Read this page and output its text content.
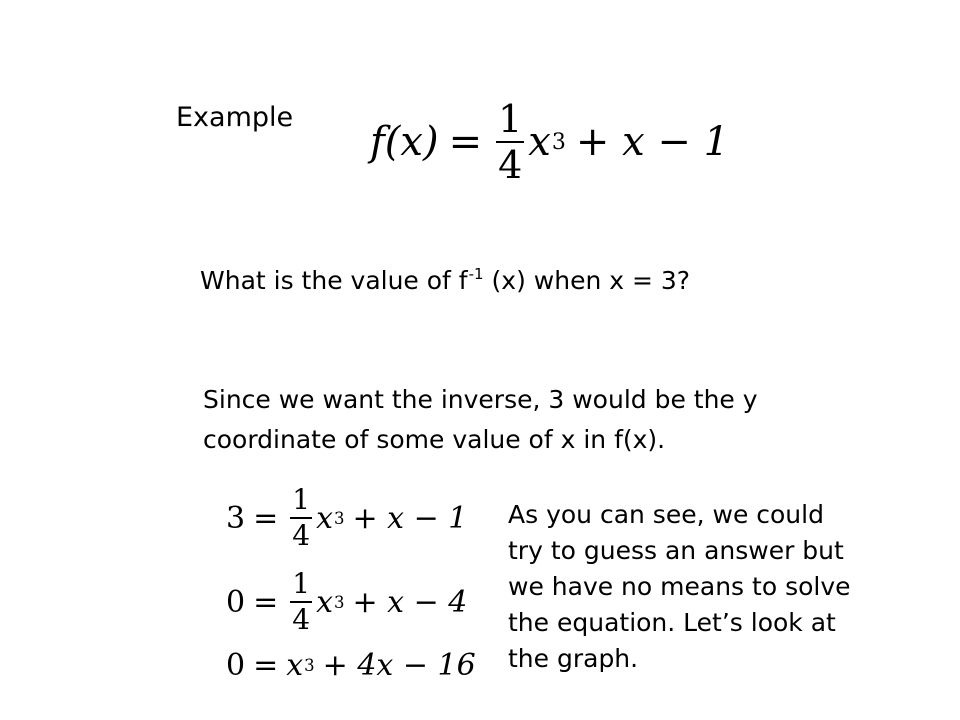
Example
$f(x) = \frac{1}{4}$ x 3 + x − 1
What is the value of $f^{-1}$ (x) when x = 3?
Since we want the inverse, 3 would be the y
coordinate of some value of x in f(x).
$3 = \frac{1}{4}$ x 3 + x − 1
$0 = \frac{1}{4}$ x 3 + x − 4
0 = x 3 + 4x − 16
As you can see, we could
try to guess an answer but
we have no means to solve
the equation. Let’s look at
the graph.
